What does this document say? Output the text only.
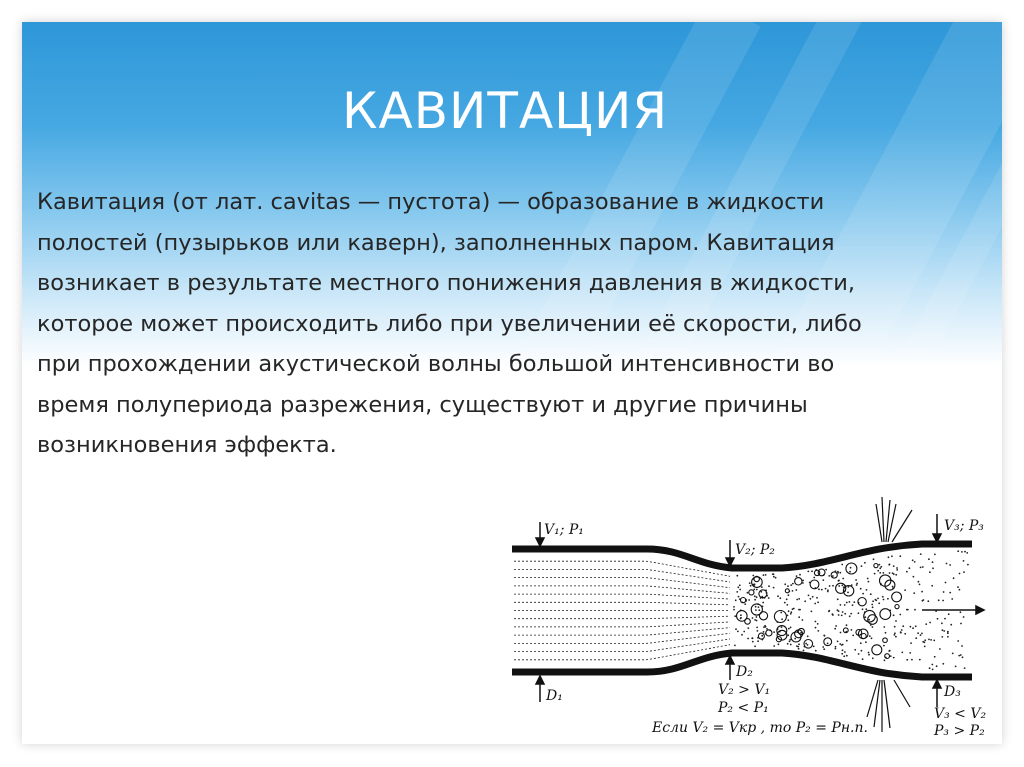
КАВИТАЦИЯ

Кавитация (от лат. cavitas — пустота) — образование в жидкости полостей (пузырьков или каверн), заполненных паром. Кавитация возникает в результате местного понижения давления в жидкости, которое может происходить либо при увеличении её скорости, либо при прохождении акустической волны большой интенсивности во время полупериода разрежения, существуют и другие причины возникновения эффекта.

V₁; P₁
V₂; P₂
V₃; P₃
D₁
D₂
D₃
V₂ > V₁
P₂ < P₁
Если V₂ = Vкр , то P₂ = Pн.п.
V₃ < V₂
P₃ > P₂
